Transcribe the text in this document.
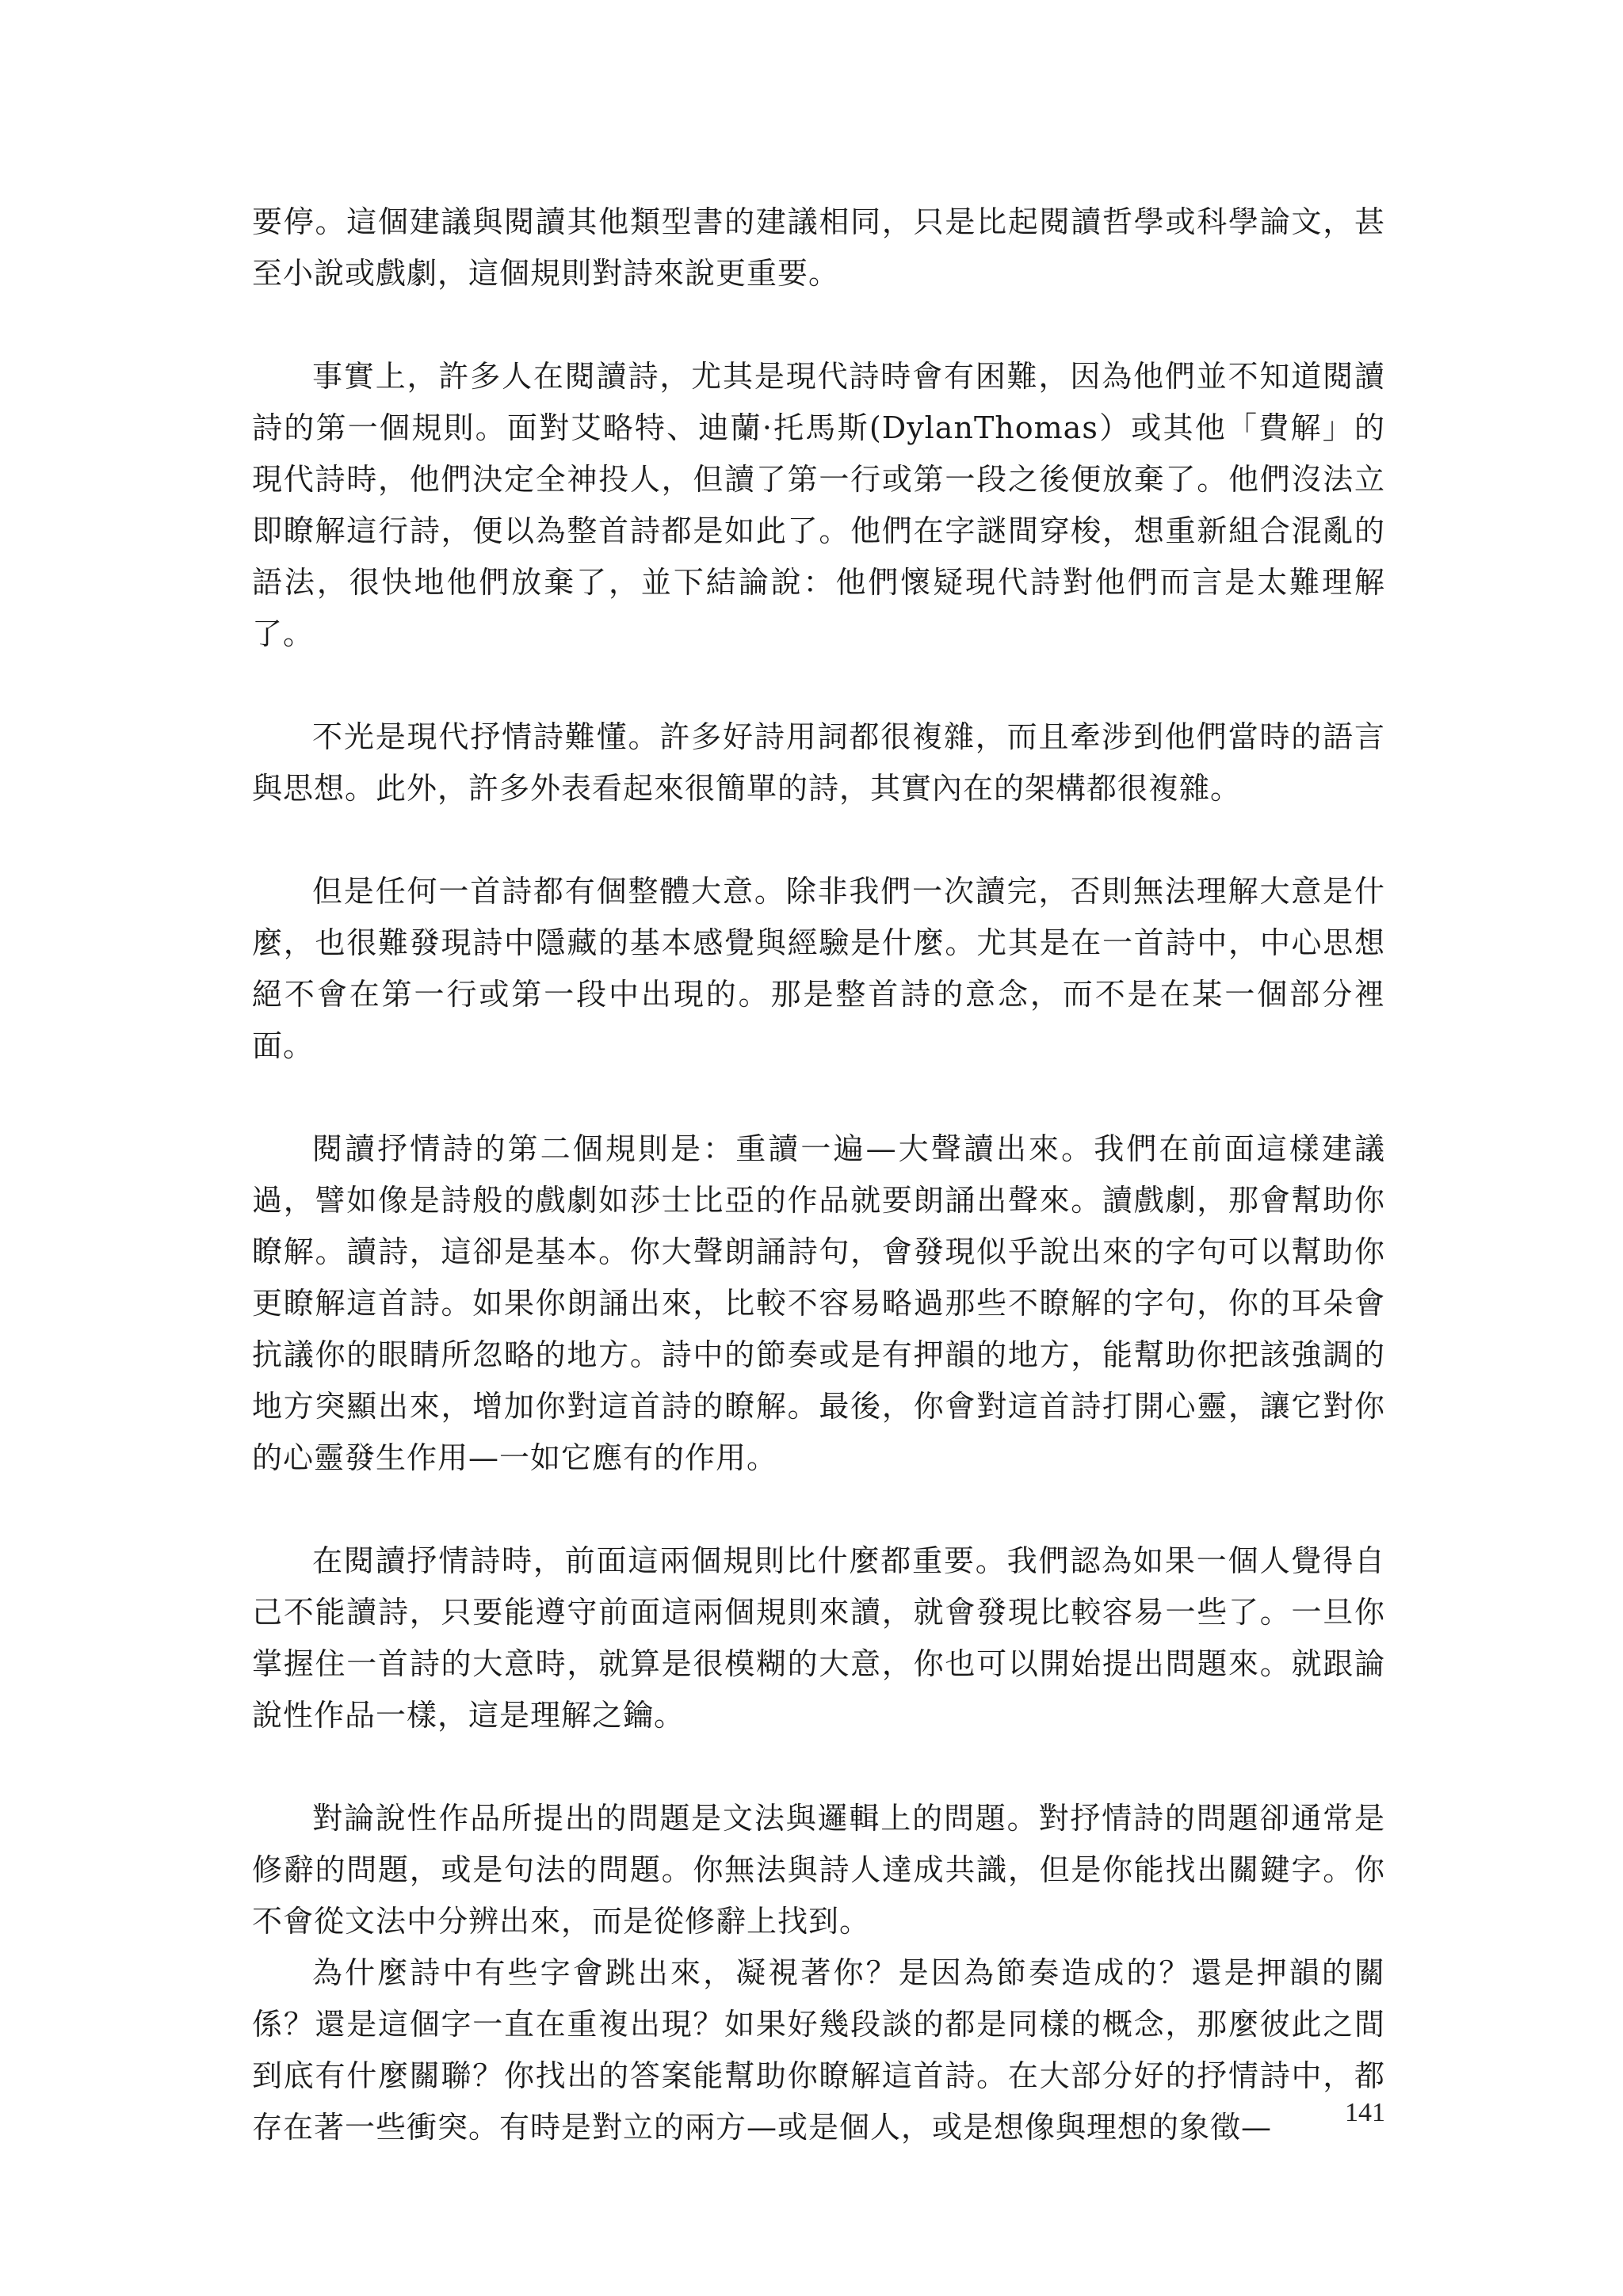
要停。這個建議與閱讀其他類型書的建議相同，只是比起閱讀哲學或科學論文，甚至小說或戲劇，這個規則對詩來說更重要。

事實上，許多人在閱讀詩，尤其是現代詩時會有困難，因為他們並不知道閱讀詩的第一個規則。面對艾略特、迪蘭·托馬斯(DylanThomas）或其他「費解」的現代詩時，他們決定全神投人，但讀了第一行或第一段之後便放棄了。他們沒法立即瞭解這行詩，便以為整首詩都是如此了。他們在字謎間穿梭，想重新組合混亂的語法，很快地他們放棄了，並下結論說：他們懷疑現代詩對他們而言是太難理解了。

不光是現代抒情詩難懂。許多好詩用詞都很複雜，而且牽涉到他們當時的語言與思想。此外，許多外表看起來很簡單的詩，其實內在的架構都很複雜。

但是任何一首詩都有個整體大意。除非我們一次讀完，否則無法理解大意是什麼，也很難發現詩中隱藏的基本感覺與經驗是什麼。尤其是在一首詩中，中心思想絕不會在第一行或第一段中出現的。那是整首詩的意念，而不是在某一個部分裡面。

閱讀抒情詩的第二個規則是：重讀一遍—大聲讀出來。我們在前面這樣建議過，譬如像是詩般的戲劇如莎士比亞的作品就要朗誦出聲來。讀戲劇，那會幫助你瞭解。讀詩，這卻是基本。你大聲朗誦詩句，會發現似乎說出來的字句可以幫助你更瞭解這首詩。如果你朗誦出來，比較不容易略過那些不瞭解的字句，你的耳朵會抗議你的眼睛所忽略的地方。詩中的節奏或是有押韻的地方，能幫助你把該強調的地方突顯出來，增加你對這首詩的瞭解。最後，你會對這首詩打開心靈，讓它對你的心靈發生作用—一如它應有的作用。

在閱讀抒情詩時，前面這兩個規則比什麼都重要。我們認為如果一個人覺得自己不能讀詩，只要能遵守前面這兩個規則來讀，就會發現比較容易一些了。一旦你掌握住一首詩的大意時，就算是很模糊的大意，你也可以開始提出問題來。就跟論說性作品一樣，這是理解之鑰。

對論說性作品所提出的問題是文法與邏輯上的問題。對抒情詩的問題卻通常是修辭的問題，或是句法的問題。你無法與詩人達成共識，但是你能找出關鍵字。你不會從文法中分辨出來，而是從修辭上找到。

為什麼詩中有些字會跳出來，凝視著你？是因為節奏造成的？還是押韻的關係？還是這個字一直在重複出現？如果好幾段談的都是同樣的概念，那麼彼此之間到底有什麼關聯？你找出的答案能幫助你瞭解這首詩。在大部分好的抒情詩中，都存在著一些衝突。有時是對立的兩方—或是個人，或是想像與理想的象徵—	141
